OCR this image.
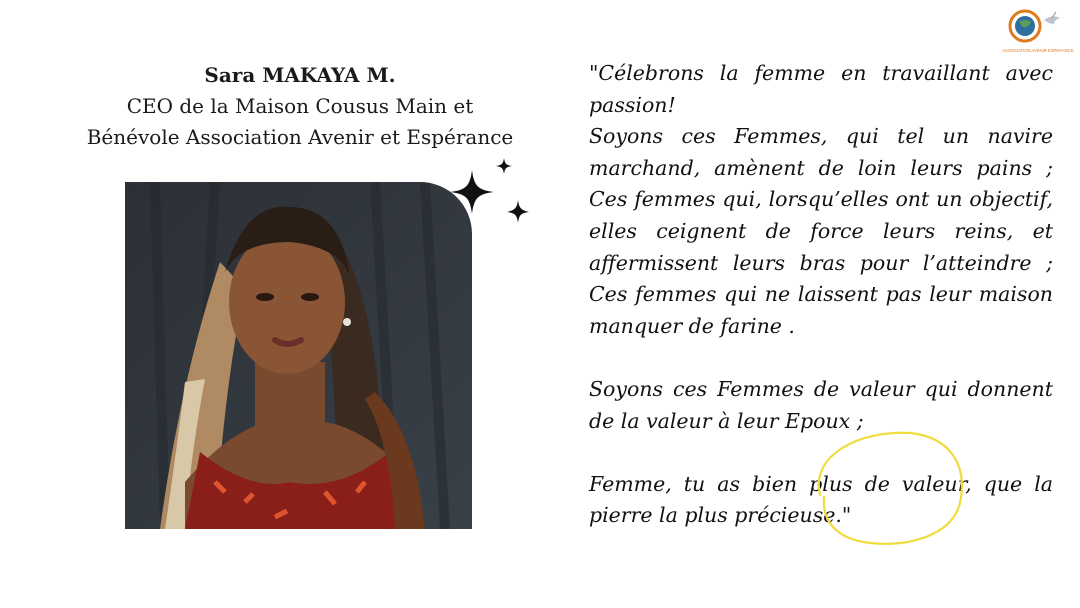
ASSOCIATION AVENIR ESPERANCE
Sara MAKAYA M.
CEO de la Maison Cousus Main et
Bénévole Association Avenir et Espérance

"Célebrons la femme en travaillant avec passion!

Soyons ces Femmes, qui tel un navire marchand, amènent de loin leurs pains ; Ces femmes qui, lorsqu’elles ont un objectif, elles ceignent de force leurs reins, et affermissent leurs bras pour l’atteindre ; Ces femmes qui ne laissent pas leur maison manquer de farine .

Soyons ces Femmes de valeur qui donnent de la valeur à leur Epoux ;

Femme, tu as bien plus de valeur, que la pierre la plus précieuse."
